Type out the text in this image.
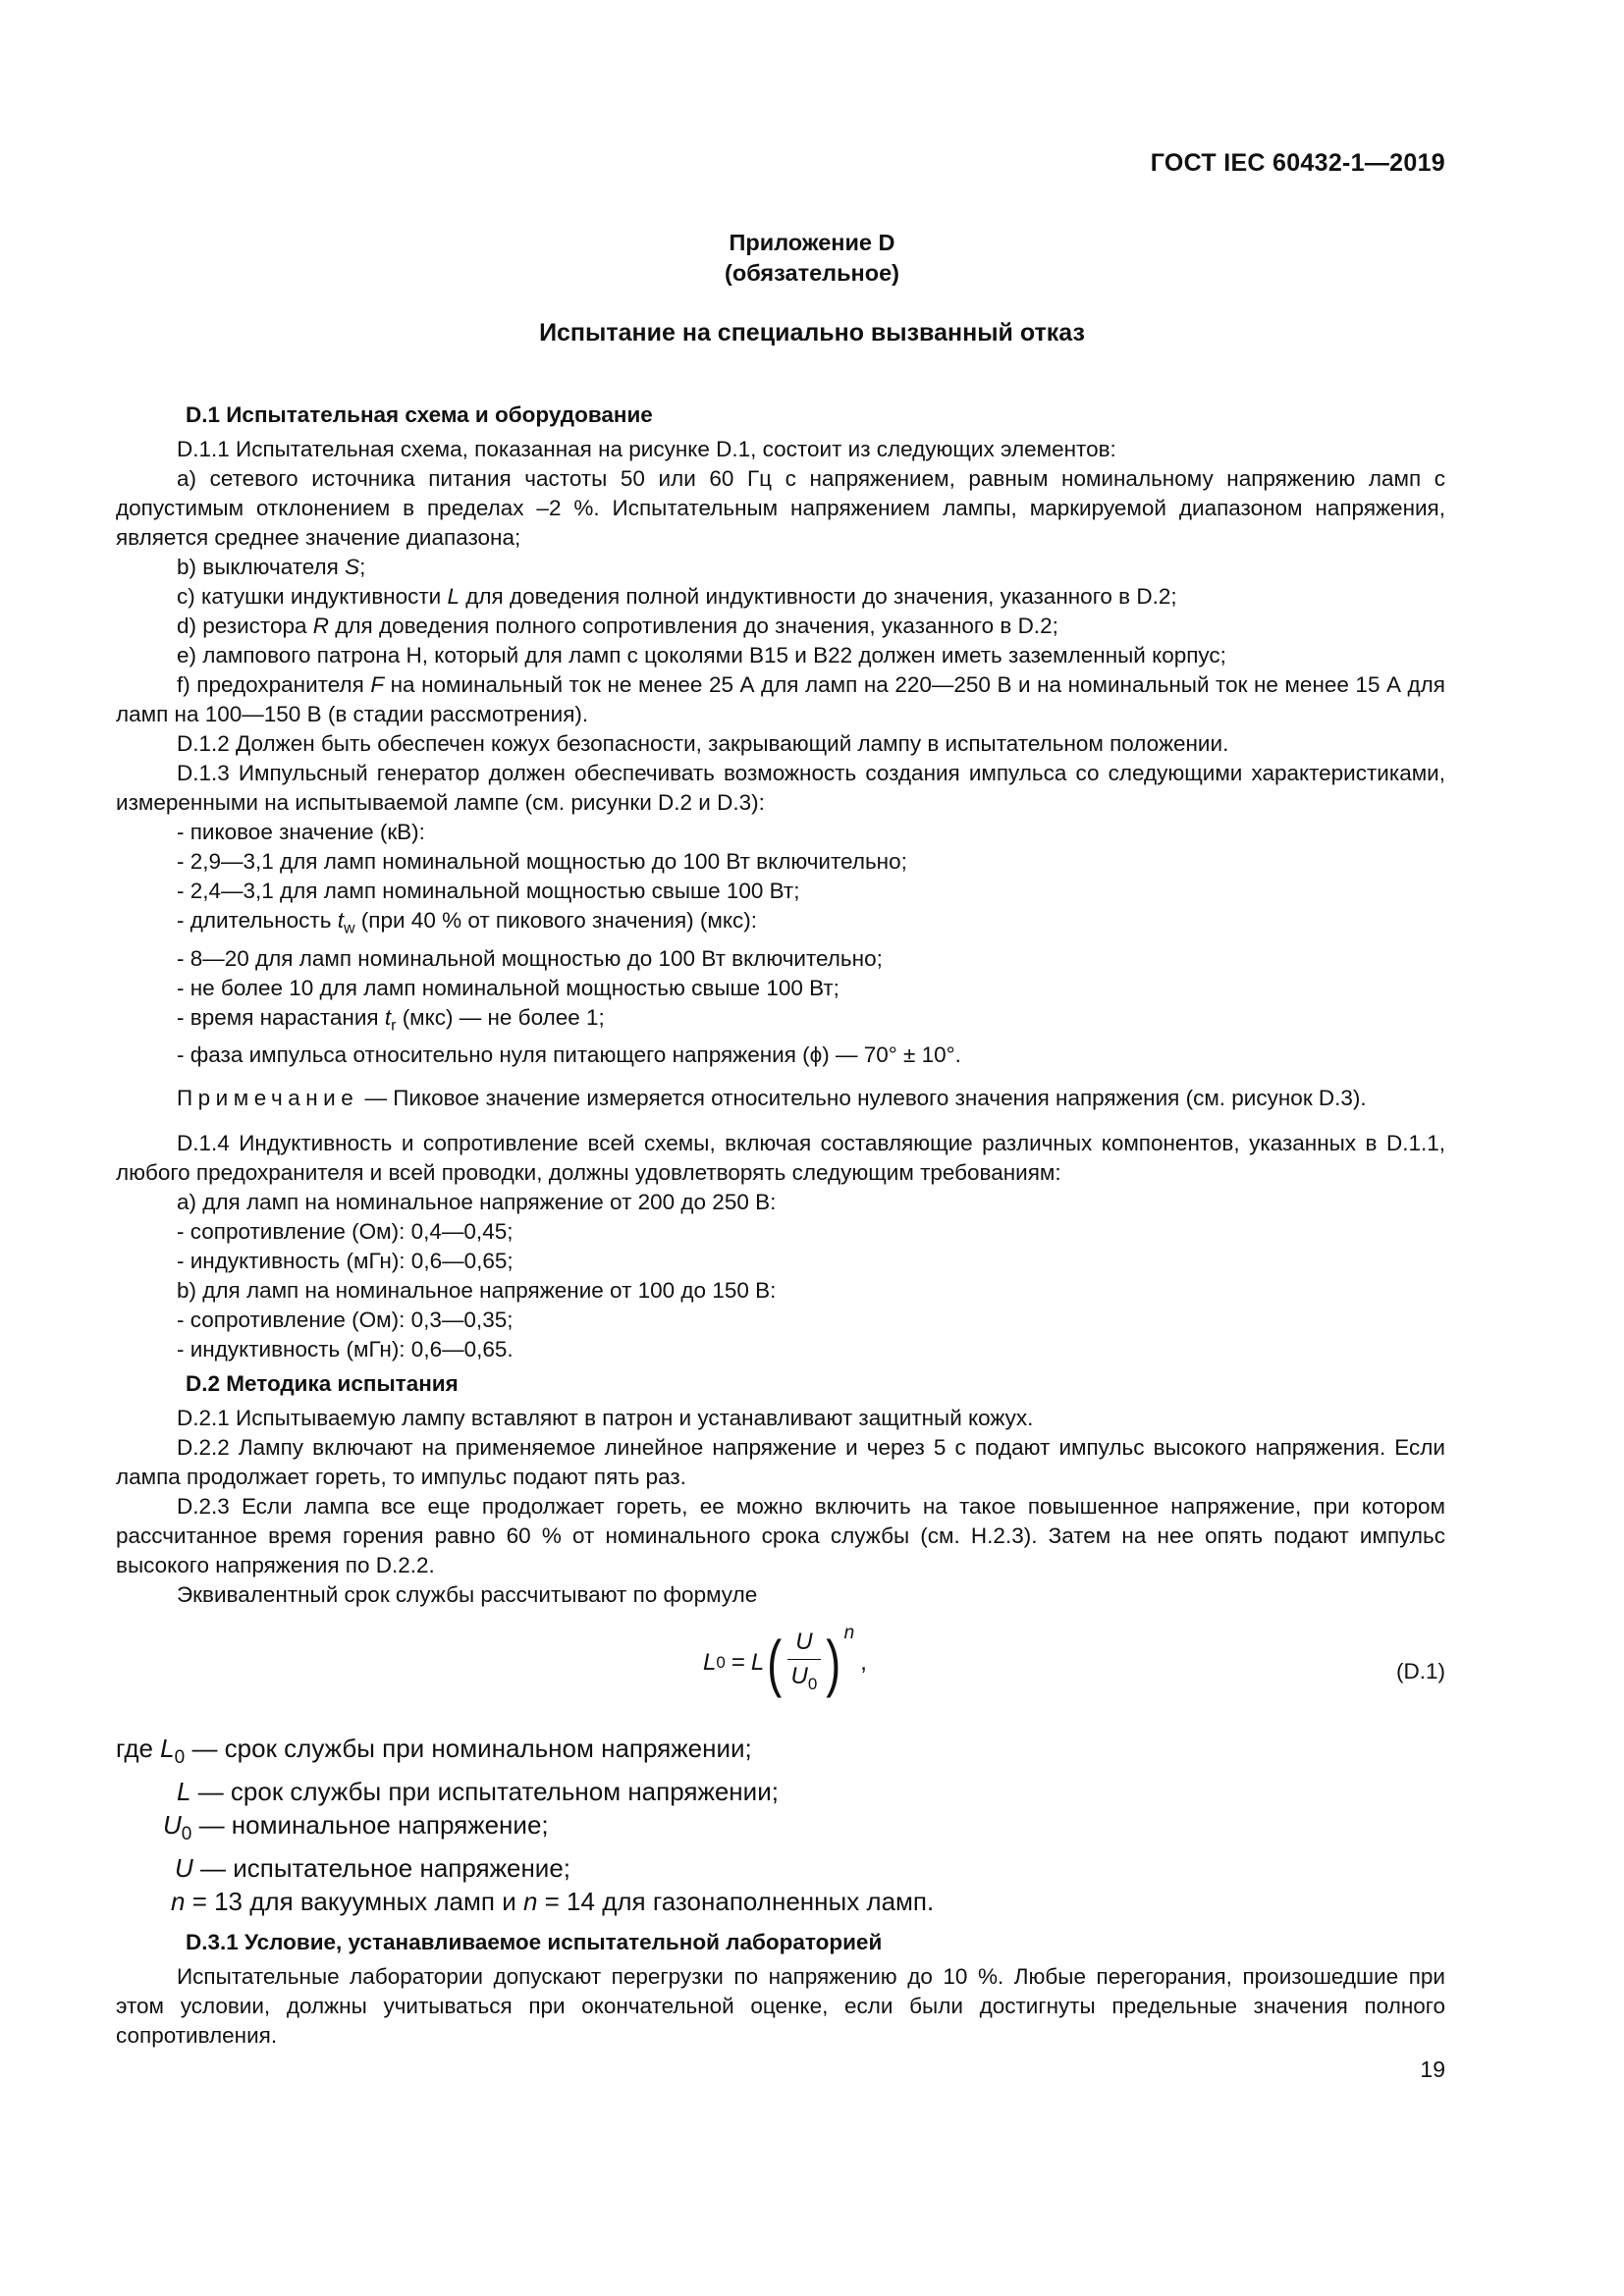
ГОСТ IEC 60432-1—2019
Приложение D
(обязательное)
Испытание на специально вызванный отказ

D.1 Испытательная схема и оборудование

D.1.1 Испытательная схема, показанная на рисунке D.1, состоит из следующих элементов:

а) сетевого источника питания частоты 50 или 60 Гц с напряжением, равным номинальному напряжению ламп с допустимым отклонением в пределах –2 %. Испытательным напряжением лампы, маркируемой диапазоном напряжения, является среднее значение диапазона;

b) выключателя S;

с) катушки индуктивности L для доведения полной индуктивности до значения, указанного в D.2;

d) резистора R для доведения полного сопротивления до значения, указанного в D.2;

е) лампового патрона Н, который для ламп с цоколями В15 и В22 должен иметь заземленный корпус;

f) предохранителя F на номинальный ток не менее 25 А для ламп на 220—250 В и на номинальный ток не менее 15 А для ламп на 100—150 В (в стадии рассмотрения).

D.1.2 Должен быть обеспечен кожух безопасности, закрывающий лампу в испытательном положении.

D.1.3 Импульсный генератор должен обеспечивать возможность создания импульса со следующими характеристиками, измеренными на испытываемой лампе (см. рисунки D.2 и D.3):

- пиковое значение (кВ):

- 2,9—3,1 для ламп номинальной мощностью до 100 Вт включительно;

- 2,4—3,1 для ламп номинальной мощностью свыше 100 Вт;

- длительность $t_w$ (при 40 % от пикового значения) (мкс):

- 8—20 для ламп номинальной мощностью до 100 Вт включительно;

- не более 10 для ламп номинальной мощностью свыше 100 Вт;

- время нарастания $t_r$ (мкс) — не более 1;

- фаза импульса относительно нуля питающего напряжения (ϕ) — 70° ± 10°.

Примечание — Пиковое значение измеряется относительно нулевого значения напряжения (см. рисунок D.3).

D.1.4 Индуктивность и сопротивление всей схемы, включая составляющие различных компонентов, указанных в D.1.1, любого предохранителя и всей проводки, должны удовлетворять следующим требованиям:

а) для ламп на номинальное напряжение от 200 до 250 В:

- сопротивление (Ом): 0,4—0,45;

- индуктивность (мГн): 0,6—0,65;

b) для ламп на номинальное напряжение от 100 до 150 В:

- сопротивление (Ом): 0,3—0,35;

- индуктивность (мГн): 0,6—0,65.

D.2 Методика испытания

D.2.1 Испытываемую лампу вставляют в патрон и устанавливают защитный кожух.

D.2.2 Лампу включают на применяемое линейное напряжение и через 5 с подают импульс высокого напряжения. Если лампа продолжает гореть, то импульс подают пять раз.

D.2.3 Если лампа все еще продолжает гореть, ее можно включить на такое повышенное напряжение, при котором рассчитанное время горения равно 60 % от номинального срока службы (см. Н.2.3). Затем на нее опять подают импульс высокого напряжения по D.2.2.

Эквивалентный срок службы рассчитывают по формуле

L 0 = L ( $\frac{U}{U_0}$ ) n
,	(D.1)
где $L_0$ — срок службы при номинальном напряжении;
L — срок службы при испытательном напряжении;
$U_0$ — номинальное напряжение;
U — испытательное напряжение;
n = 13 для вакуумных ламп и n = 14 для газонаполненных ламп.

D.3.1 Условие, устанавливаемое испытательной лабораторией

Испытательные лаборатории допускают перегрузки по напряжению до 10 %. Любые перегорания, произошедшие при этом условии, должны учитываться при окончательной оценке, если были достигнуты предельные значения полного сопротивления.

19
